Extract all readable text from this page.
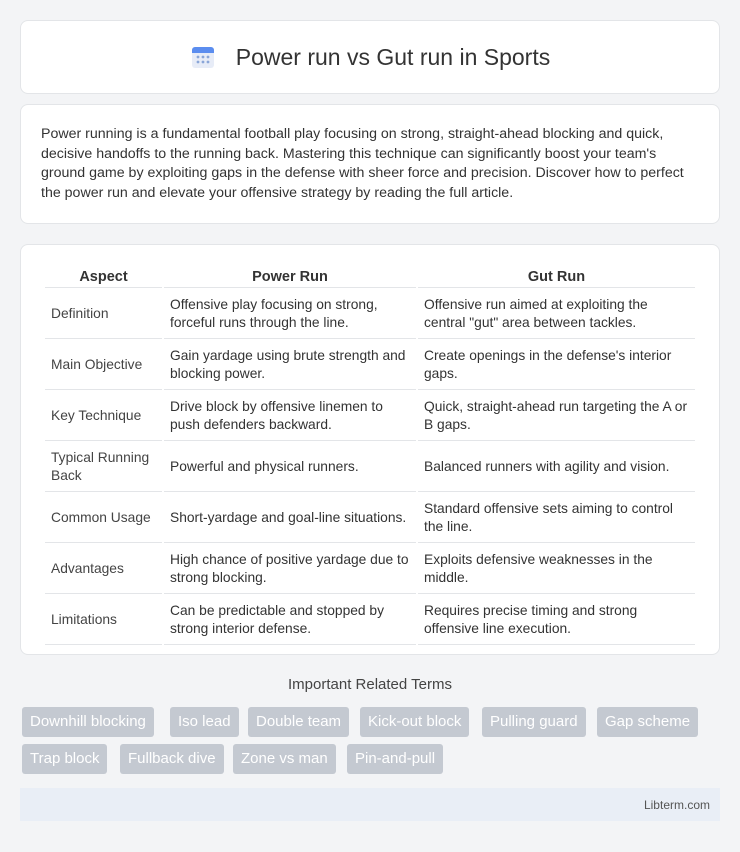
Power run vs Gut run in Sports

Power running is a fundamental football play focusing on strong, straight-ahead blocking and quick, decisive handoffs to the running back. Mastering this technique can significantly boost your team's ground game by exploiting gaps in the defense with sheer force and precision. Discover how to perfect the power run and elevate your offensive strategy by reading the full article.

Aspect	Power Run	Gut Run
Definition	Offensive play focusing on strong, forceful runs through the line.	Offensive run aimed at exploiting the central "gut" area between tackles.
Main Objective	Gain yardage using brute strength and blocking power.	Create openings in the defense's interior gaps.
Key Technique	Drive block by offensive linemen to push defenders backward.	Quick, straight-ahead run targeting the A or B gaps.
Typical Running Back	Powerful and physical runners.	Balanced runners with agility and vision.
Common Usage	Short-yardage and goal-line situations.	Standard offensive sets aiming to control the line.
Advantages	High chance of positive yardage due to strong blocking.	Exploits defensive weaknesses in the middle.
Limitations	Can be predictable and stopped by strong interior defense.	Requires precise timing and strong offensive line execution.
Important Related Terms
Downhill blocking	Iso lead	Double team	Kick-out block	Pulling guard	Gap scheme
Trap block	Fullback dive	Zone vs man	Pin-and-pull
Libterm.com
